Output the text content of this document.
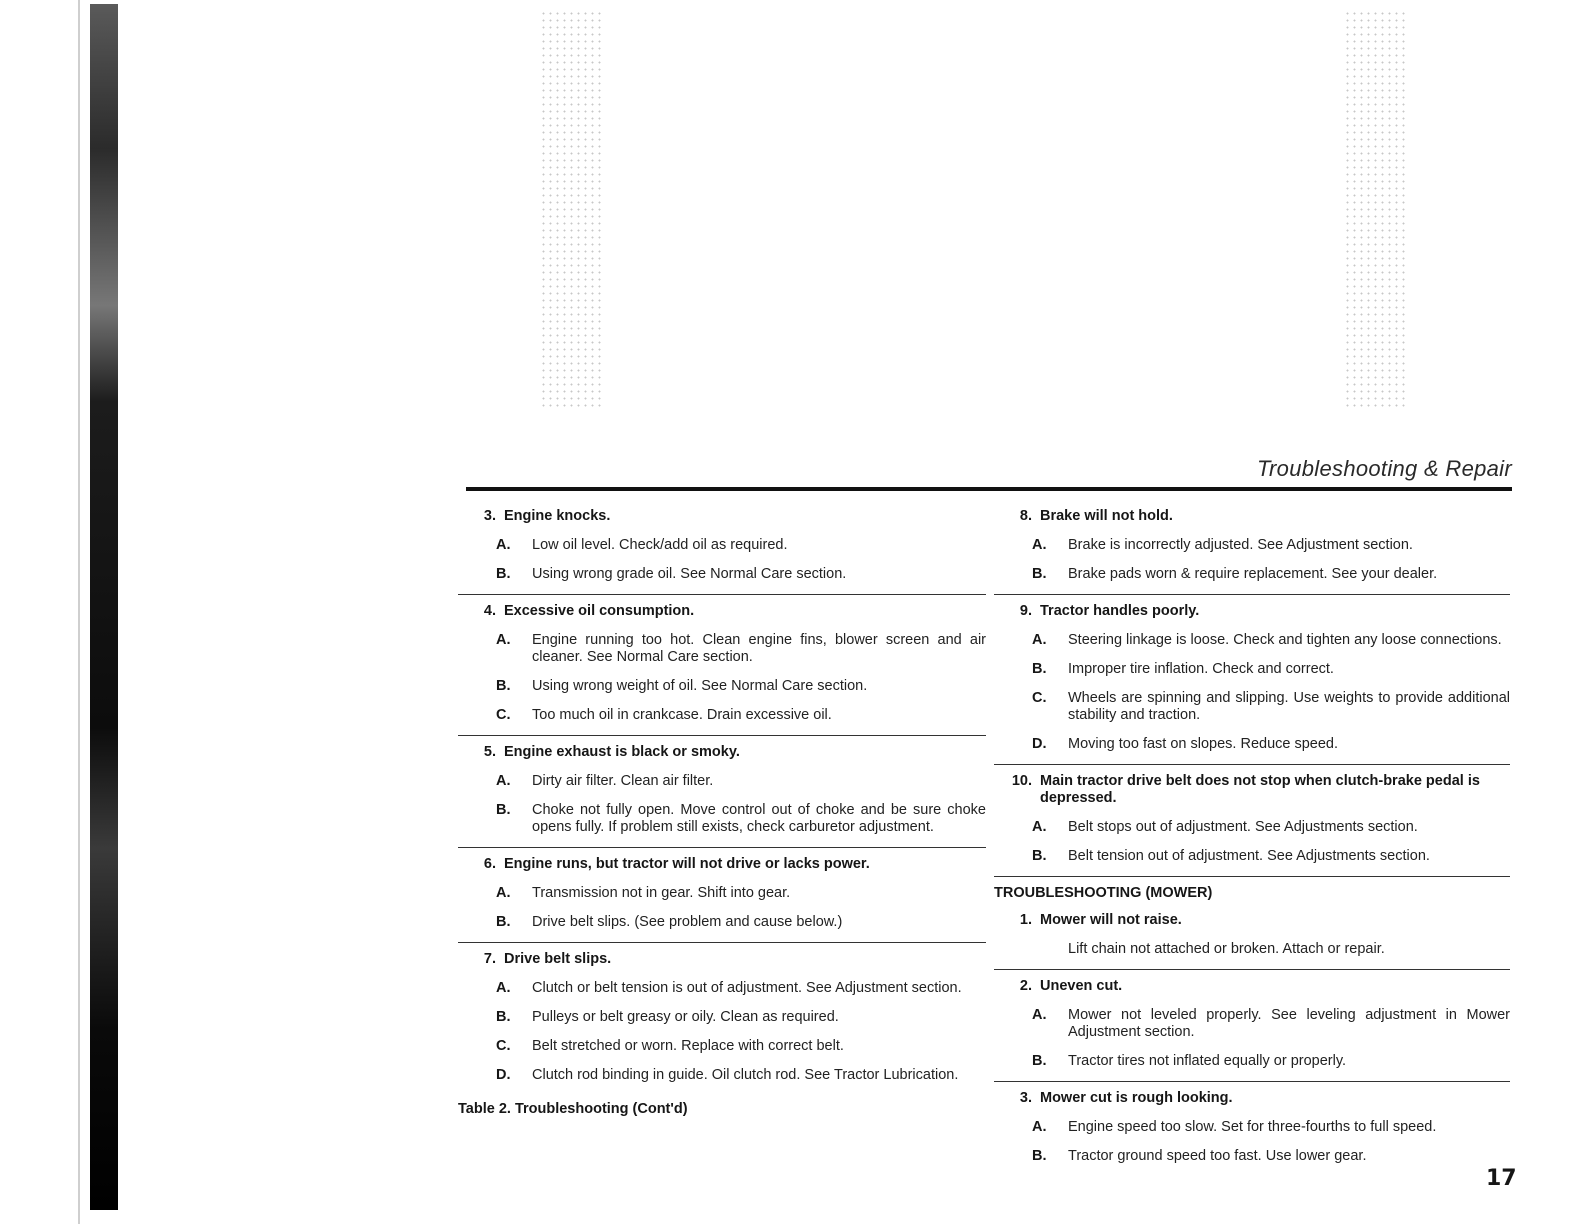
Troubleshooting & Repair
3. Engine knocks.
A.	Low oil level. Check/add oil as required.
B.	Using wrong grade oil. See Normal Care section.
4. Excessive oil consumption.
A.	Engine running too hot. Clean engine fins, blower screen and air cleaner. See Normal Care section.
B.	Using wrong weight of oil. See Normal Care section.
C.	Too much oil in crankcase. Drain excessive oil.
5. Engine exhaust is black or smoky.
A.	Dirty air filter. Clean air filter.
B.	Choke not fully open. Move control out of choke and be sure choke opens fully. If problem still exists, check carburetor adjustment.
6. Engine runs, but tractor will not drive or lacks power.
A.	Transmission not in gear. Shift into gear.
B.	Drive belt slips. (See problem and cause below.)
7. Drive belt slips.
A.	Clutch or belt tension is out of adjustment. See Adjustment section.
B.	Pulleys or belt greasy or oily. Clean as required.
C.	Belt stretched or worn. Replace with correct belt.
D.	Clutch rod binding in guide. Oil clutch rod. See Tractor Lubrication.
Table 2. Troubleshooting (Cont'd)
8. Brake will not hold.
A.	Brake is incorrectly adjusted. See Adjustment section.
B.	Brake pads worn & require replacement. See your dealer.
9. Tractor handles poorly.
A.	Steering linkage is loose. Check and tighten any loose connections.
B.	Improper tire inflation. Check and correct.
C.	Wheels are spinning and slipping. Use weights to provide additional stability and traction.
D.	Moving too fast on slopes. Reduce speed.
10. Main tractor drive belt does not stop when clutch-brake pedal is depressed.
A.	Belt stops out of adjustment. See Adjustments section.
B.	Belt tension out of adjustment. See Adjustments section.
TROUBLESHOOTING (MOWER)
1. Mower will not raise.
Lift chain not attached or broken. Attach or repair.
2. Uneven cut.
A.	Mower not leveled properly. See leveling adjustment in Mower Adjustment section.
B.	Tractor tires not inflated equally or properly.
3. Mower cut is rough looking.
A.	Engine speed too slow. Set for three-fourths to full speed.
B.	Tractor ground speed too fast. Use lower gear.
17
